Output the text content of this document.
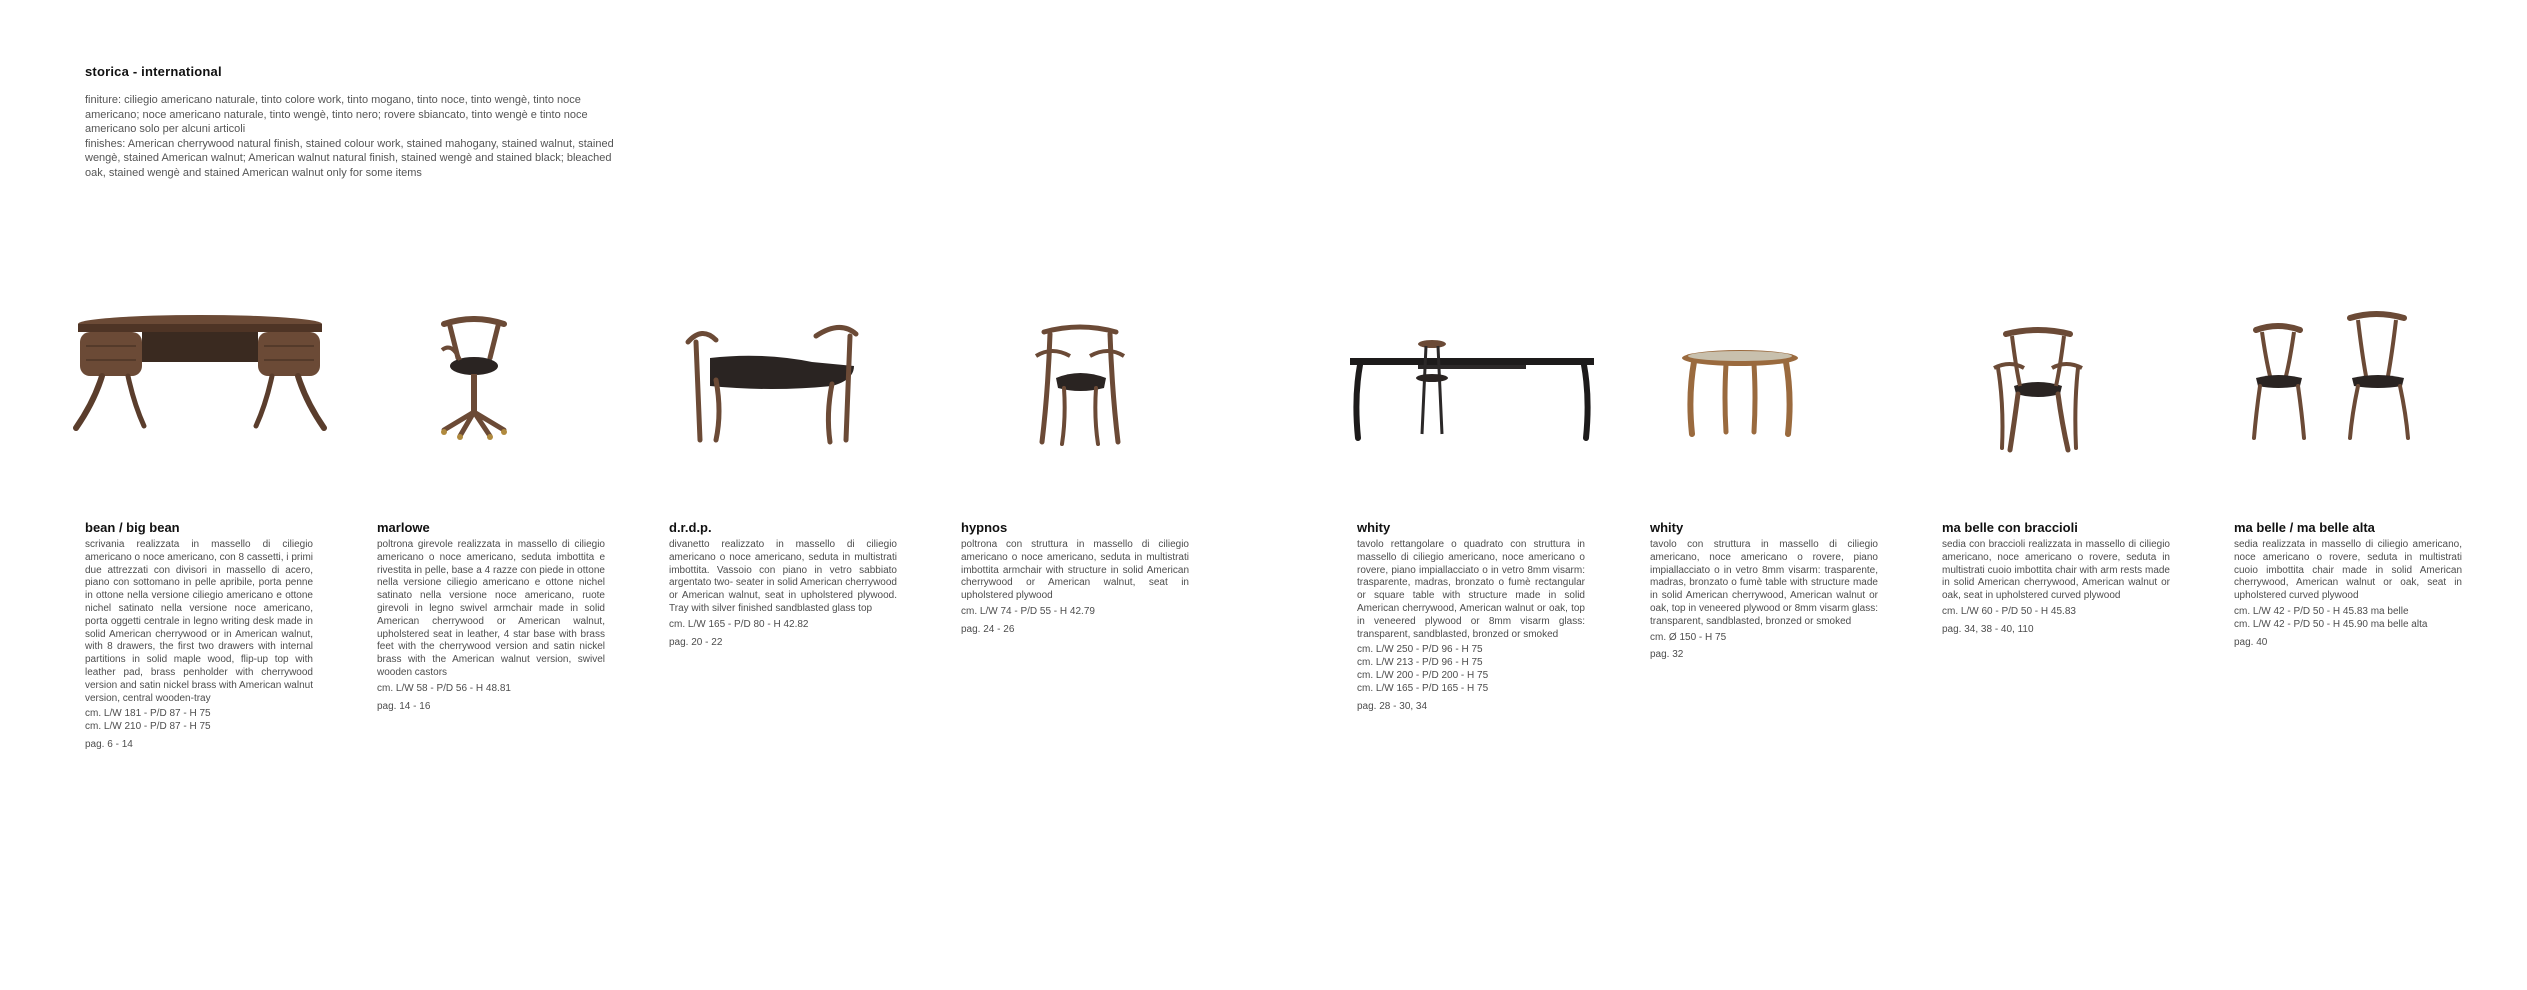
storica - international

finiture: ciliegio americano naturale, tinto colore work, tinto mogano, tinto noce, tinto wengè, tinto noce americano; noce americano naturale, tinto wengè, tinto nero; rovere sbiancato, tinto wengè e tinto noce americano solo per alcuni articoli

finishes: American cherrywood natural finish, stained colour work, stained mahogany, stained walnut, stained wengè, stained American walnut; American walnut natural finish, stained wengè and stained black; bleached oak, stained wengè and stained American walnut only for some items

bean / big bean

scrivania realizzata in massello di ciliegio americano o noce americano, con 8 cassetti, i primi due attrezzati con divisori in massello di acero, piano con sottomano in pelle apribile, porta penne in ottone nella versione ciliegio americano e ottone nichel satinato nella versione noce americano, porta oggetti centrale in legno writing desk made in solid American cherrywood or in American walnut, with 8 drawers, the first two drawers with internal partitions in solid maple wood, flip-up top with leather pad, brass penholder with cherrywood version and satin nickel brass with American walnut version, central wooden-tray

cm. L/W 181 - P/D 87 - H 75
cm. L/W 210 - P/D 87 - H 75

pag. 6 - 14

marlowe

poltrona girevole realizzata in massello di ciliegio americano o noce americano, seduta imbottita e rivestita in pelle, base a 4 razze con piede in ottone nella versione ciliegio americano e ottone nichel satinato nella versione noce americano, ruote girevoli in legno swivel armchair made in solid American cherrywood or American walnut, upholstered seat in leather, 4 star base with brass feet with the cherrywood version and satin nickel brass with the American walnut version, swivel wooden castors

cm. L/W 58 - P/D 56 - H 48.81

pag. 14 - 16

d.r.d.p.

divanetto realizzato in massello di ciliegio americano o noce americano, seduta in multistrati imbottita. Vassoio con piano in vetro sabbiato argentato two- seater in solid American cherrywood or American walnut, seat in upholstered plywood. Tray with silver finished sandblasted glass top

cm. L/W 165 - P/D 80 - H 42.82

pag. 20 - 22

hypnos

poltrona con struttura in massello di ciliegio americano o noce americano, seduta in multistrati imbottita armchair with structure in solid American cherrywood or American walnut, seat in upholstered plywood

cm. L/W 74 - P/D 55 - H 42.79

pag. 24 - 26

whity

tavolo rettangolare o quadrato con struttura in massello di ciliegio americano, noce americano o rovere, piano impiallacciato o in vetro 8mm visarm: trasparente, madras, bronzato o fumè rectangular or square table with structure made in solid American cherrywood, American walnut or oak, top in veneered plywood or 8mm visarm glass: transparent, sandblasted, bronzed or smoked

cm. L/W 250 - P/D 96 - H 75
cm. L/W 213 - P/D 96 - H 75
cm. L/W 200 - P/D 200 - H 75
cm. L/W 165 - P/D 165 - H 75

pag. 28 - 30, 34

whity

tavolo con struttura in massello di ciliegio americano, noce americano o rovere, piano impiallacciato o in vetro 8mm visarm: trasparente, madras, bronzato o fumè table with structure made in solid American cherrywood, American walnut or oak, top in veneered plywood or 8mm visarm glass: transparent, sandblasted, bronzed or smoked

cm. Ø 150 - H 75

pag. 32

ma belle con braccioli

sedia con braccioli realizzata in massello di ciliegio americano, noce americano o rovere, seduta in multistrati cuoio imbottita chair with arm rests made in solid American cherrywood, American walnut or oak, seat in upholstered curved plywood

cm. L/W 60 - P/D 50 - H 45.83

pag. 34, 38 - 40, 110

ma belle / ma belle alta

sedia realizzata in massello di ciliegio americano, noce americano o rovere, seduta in multistrati cuoio imbottita chair made in solid American cherrywood, American walnut or oak, seat in upholstered curved plywood

cm. L/W 42 - P/D 50 - H 45.83 ma belle
cm. L/W 42 - P/D 50 - H 45.90 ma belle alta

pag. 40
